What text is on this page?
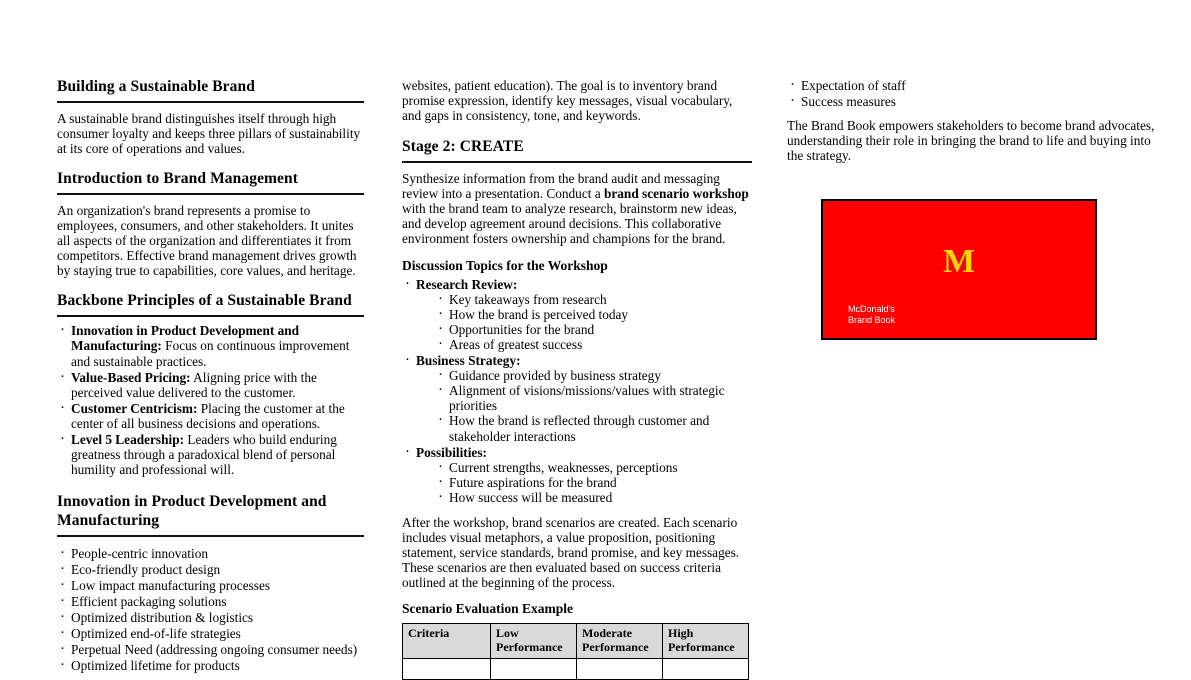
Building a Sustainable Brand

A sustainable brand distinguishes itself through high consumer loyalty and keeps three pillars of sustainability at its core of operations and values.

Introduction to Brand Management

An organization's brand represents a promise to employees, consumers, and other stakeholders. It unites all aspects of the organization and differentiates it from competitors. Effective brand management drives growth by staying true to capabilities, core values, and heritage.

Backbone Principles of a Sustainable Brand
· Innovation in Product Development and Manufacturing: Focus on continuous improvement and sustainable practices.
· Value-Based Pricing: Aligning price with the perceived value delivered to the customer.
· Customer Centricism: Placing the customer at the center of all business decisions and operations.
· Level 5 Leadership: Leaders who build enduring greatness through a paradoxical blend of personal humility and professional will.
Innovation in Product Development and Manufacturing
· People-centric innovation
· Eco-friendly product design
· Low impact manufacturing processes
· Efficient packaging solutions
· Optimized distribution & logistics
· Optimized end-of-life strategies
· Perpetual Need (addressing ongoing consumer needs)
· Optimized lifetime for products

websites, patient education). The goal is to inventory brand promise expression, identify key messages, visual vocabulary, and gaps in consistency, tone, and keywords.

Stage 2: CREATE

Synthesize information from the brand audit and messaging review into a presentation. Conduct a brand scenario workshop with the brand team to analyze research, brainstorm new ideas, and develop agreement around decisions. This collaborative environment fosters ownership and champions for the brand.

Discussion Topics for the Workshop
· Research Review:
· Key takeaways from research
· How the brand is perceived today
· Opportunities for the brand
· Areas of greatest success
· Business Strategy:
· Guidance provided by business strategy
· Alignment of visions/missions/values with strategic priorities
· How the brand is reflected through customer and stakeholder interactions
· Possibilities:
· Current strengths, weaknesses, perceptions
· Future aspirations for the brand
· How success will be measured

After the workshop, brand scenarios are created. Each scenario includes visual metaphors, a value proposition, positioning statement, service standards, brand promise, and key messages. These scenarios are then evaluated based on success criteria outlined at the beginning of the process.

Scenario Evaluation Example
Criteria	Low Performance	Moderate Performance	High Performance

· Expectation of staff
· Success measures

The Brand Book empowers stakeholders to become brand advocates, understanding their role in bringing the brand to life and buying into the strategy.

M
McDonald's
Brand Book
